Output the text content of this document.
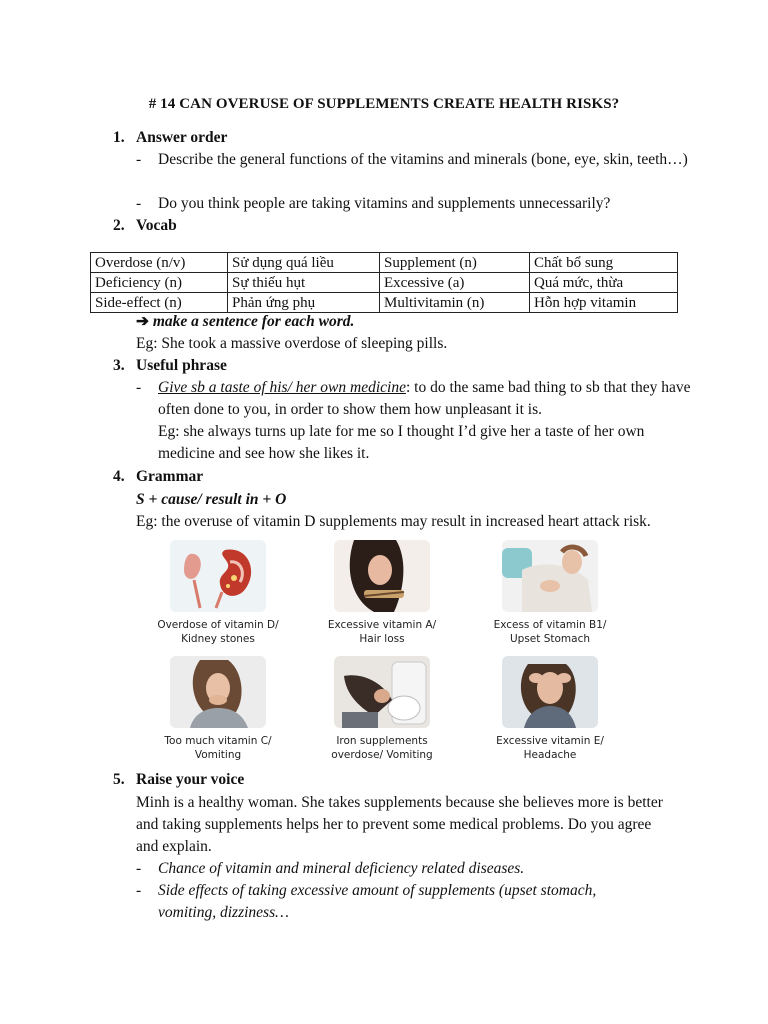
# 14 CAN OVERUSE OF SUPPLEMENTS CREATE HEALTH RISKS?
1. Answer order
- Describe the general functions of the vitamins and minerals (bone, eye, skin, teeth…)
- Do you think people are taking vitamins and supplements unnecessarily?
2. Vocab
Overdose (n/v)	Sử dụng quá liều	Supplement (n)	Chất bổ sung
Deficiency (n)	Sự thiếu hụt	Excessive (a)	Quá mức, thừa
Side-effect (n)	Phản ứng phụ	Multivitamin (n)	Hỗn hợp vitamin
➔ make a sentence for each word.
Eg: She took a massive overdose of sleeping pills.
3. Useful phrase
- Give sb a taste of his/ her own medicine: to do the same bad thing to sb that they have often done to you, in order to show them how unpleasant it is.
Eg: she always turns up late for me so I thought I’d give her a taste of her own medicine and see how she likes it.
4. Grammar
S + cause/ result in + O
Eg: the overuse of vitamin D supplements may result in increased heart attack risk.
Overdose of vitamin D/
Kidney stones
Excessive vitamin A/
Hair loss
Excess of vitamin B1/
Upset Stomach
Too much vitamin C/
Vomiting
Iron supplements
overdose/ Vomiting
Excessive vitamin E/
Headache
5. Raise your voice
Minh is a healthy woman. She takes supplements because she believes more is better and taking supplements helps her to prevent some medical problems. Do you agree and explain.
- Chance of vitamin and mineral deficiency related diseases.
- Side effects of taking excessive amount of supplements (upset stomach, vomiting, dizziness…
